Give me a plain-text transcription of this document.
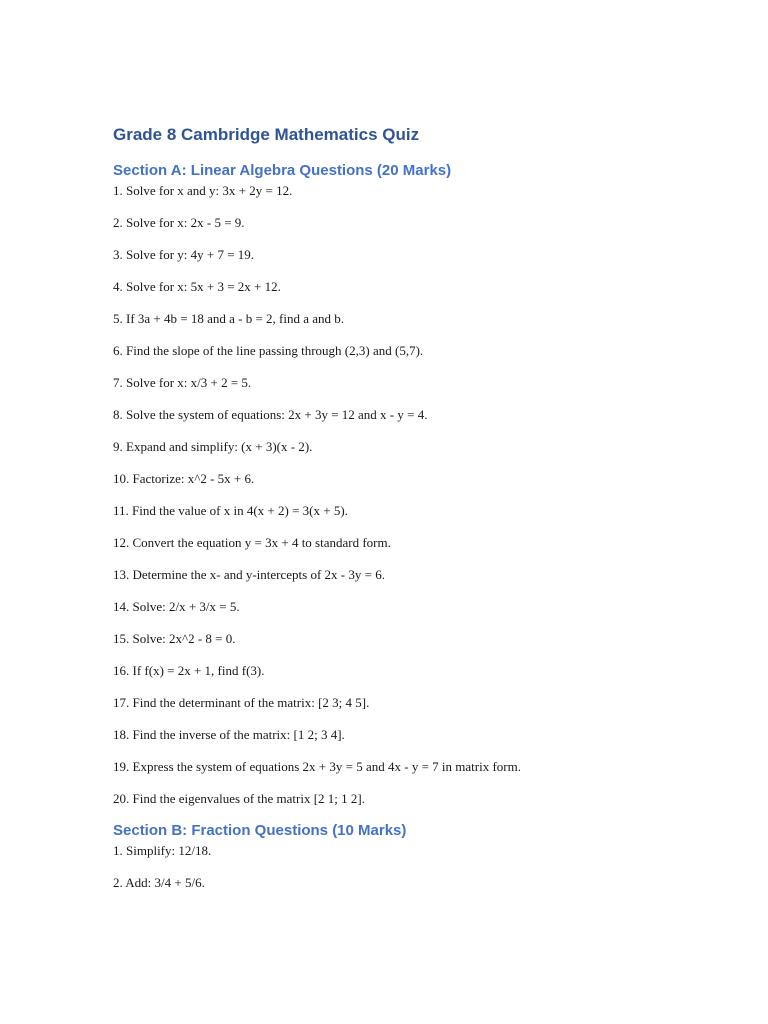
Grade 8 Cambridge Mathematics Quiz
Section A: Linear Algebra Questions (20 Marks)
1. Solve for x and y: 3x + 2y = 12.
2. Solve for x: 2x - 5 = 9.
3. Solve for y: 4y + 7 = 19.
4. Solve for x: 5x + 3 = 2x + 12.
5. If 3a + 4b = 18 and a - b = 2, find a and b.
6. Find the slope of the line passing through (2,3) and (5,7).
7. Solve for x: x/3 + 2 = 5.
8. Solve the system of equations: 2x + 3y = 12 and x - y = 4.
9. Expand and simplify: (x + 3)(x - 2).
10. Factorize: x^2 - 5x + 6.
11. Find the value of x in 4(x + 2) = 3(x + 5).
12. Convert the equation y = 3x + 4 to standard form.
13. Determine the x- and y-intercepts of 2x - 3y = 6.
14. Solve: 2/x + 3/x = 5.
15. Solve: 2x^2 - 8 = 0.
16. If f(x) = 2x + 1, find f(3).
17. Find the determinant of the matrix: [2 3; 4 5].
18. Find the inverse of the matrix: [1 2; 3 4].
19. Express the system of equations 2x + 3y = 5 and 4x - y = 7 in matrix form.
20. Find the eigenvalues of the matrix [2 1; 1 2].
Section B: Fraction Questions (10 Marks)
1. Simplify: 12/18.
2. Add: 3/4 + 5/6.
